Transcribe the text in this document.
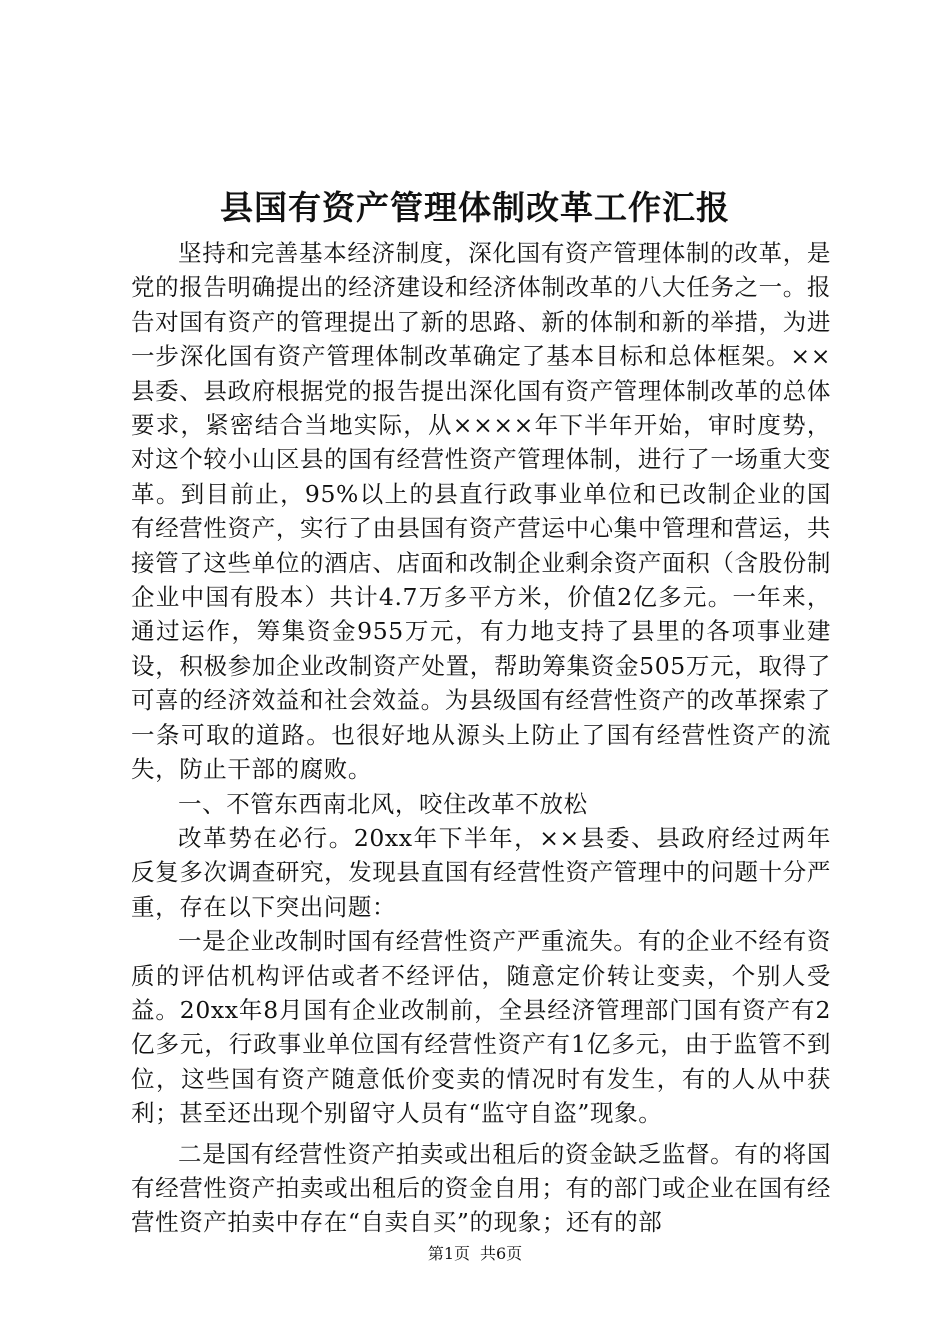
县国有资产管理体制改革工作汇报

坚持和完善基本经济制度，深化国有资产管理体制的改革，是党的报告明确提出的经济建设和经济体制改革的八大任务之一。报告对国有资产的管理提出了新的思路、新的体制和新的举措，为进一步深化国有资产管理体制改革确定了基本目标和总体框架。××县委、县政府根据党的报告提出深化国有资产管理体制改革的总体要求，紧密结合当地实际，从××××年下半年开始，审时度势，对这个较小山区县的国有经营性资产管理体制，进行了一场重大变革。到目前止，95%以上的县直行政事业单位和已改制企业的国有经营性资产，实行了由县国有资产营运中心集中管理和营运，共接管了这些单位的酒店、店面和改制企业剩余资产面积（含股份制企业中国有股本）共计4.7万多平方米，价值2亿多元。一年来，通过运作，筹集资金955万元，有力地支持了县里的各项事业建设，积极参加企业改制资产处置，帮助筹集资金505万元，取得了可喜的经济效益和社会效益。为县级国有经营性资产的改革探索了一条可取的道路。也很好地从源头上防止了国有经营性资产的流失，防止干部的腐败。

一、不管东西南北风，咬住改革不放松

改革势在必行。20xx年下半年，××县委、县政府经过两年反复多次调查研究，发现县直国有经营性资产管理中的问题十分严重，存在以下突出问题：

一是企业改制时国有经营性资产严重流失。有的企业不经有资质的评估机构评估或者不经评估，随意定价转让变卖，个别人受益。20xx年8月国有企业改制前，全县经济管理部门国有资产有2亿多元，行政事业单位国有经营性资产有1亿多元，由于监管不到位，这些国有资产随意低价变卖的情况时有发生，有的人从中获利；甚至还出现个别留守人员有“监守自盗”现象。

二是国有经营性资产拍卖或出租后的资金缺乏监督。有的将国有经营性资产拍卖或出租后的资金自用；有的部门或企业在国有经营性资产拍卖中存在“自卖自买”的现象；还有的部

第1页 共6页
